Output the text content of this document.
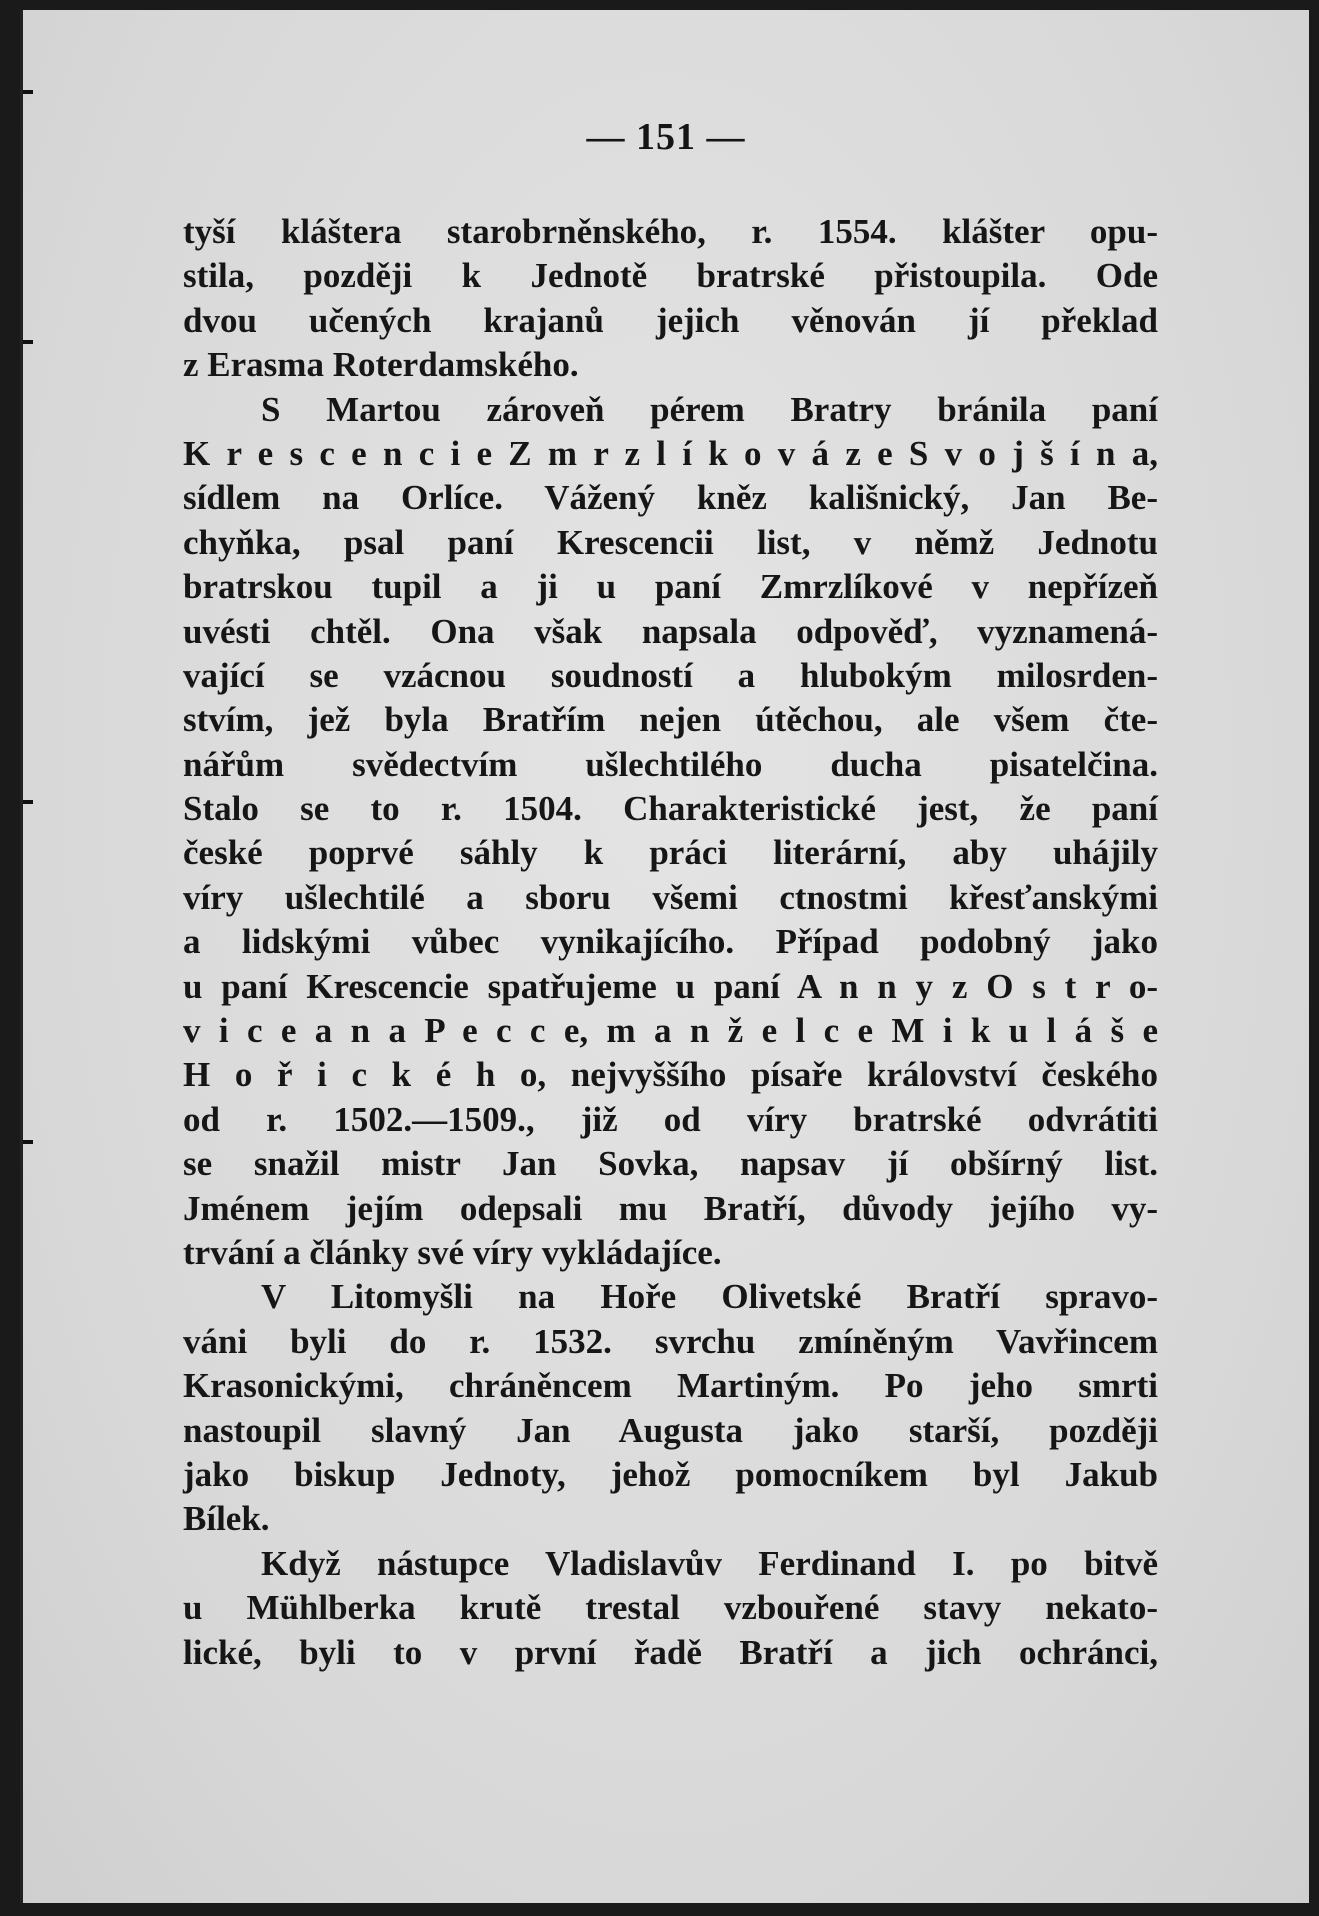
— 151 —
tyší kláštera starobrněnského, r. 1554. klášter opu-
stila, později k Jednotě bratrské přistoupila. Ode
dvou učených krajanů jejich věnován jí překlad
z Erasma Roterdamského.
S Martou zároveň pérem Bratry bránila paní
K r e s c e n c i e Z m r z l í k o v á z e S v o j š í n a,
sídlem na Orlíce. Vážený kněz kališnický, Jan Be-
chyňka, psal paní Krescencii list, v němž Jednotu
bratrskou tupil a ji u paní Zmrzlíkové v nepřízeň
uvésti chtěl. Ona však napsala odpověď, vyznamená-
vající se vzácnou soudností a hlubokým milosrden-
stvím, jež byla Bratřím nejen útěchou, ale všem čte-
nářům svědectvím ušlechtilého ducha pisatelčina.
Stalo se to r. 1504. Charakteristické jest, že paní
české poprvé sáhly k práci literární, aby uhájily
víry ušlechtilé a sboru všemi ctnostmi křesťanskými
a lidskými vůbec vynikajícího. Případ podobný jako
u paní Krescencie spatřujeme u paní A n n y z O s t r o-
v i c e a n a P e c c e, m a n ž e l c e M i k u l á š e
H o ř i c k é h o, nejvyššího písaře království českého
od r. 1502.—1509., již od víry bratrské odvrátiti
se snažil mistr Jan Sovka, napsav jí obšírný list.
Jménem jejím odepsali mu Bratří, důvody jejího vy-
trvání a články své víry vykládajíce.
V Litomyšli na Hoře Olivetské Bratří spravo-
váni byli do r. 1532. svrchu zmíněným Vavřincem
Krasonickými, chráněncem Martiným. Po jeho smrti
nastoupil slavný Jan Augusta jako starší, později
jako biskup Jednoty, jehož pomocníkem byl Jakub
Bílek.
Když nástupce Vladislavův Ferdinand I. po bitvě
u Mühlberka krutě trestal vzbouřené stavy nekato-
lické, byli to v první řadě Bratří a jich ochránci,
